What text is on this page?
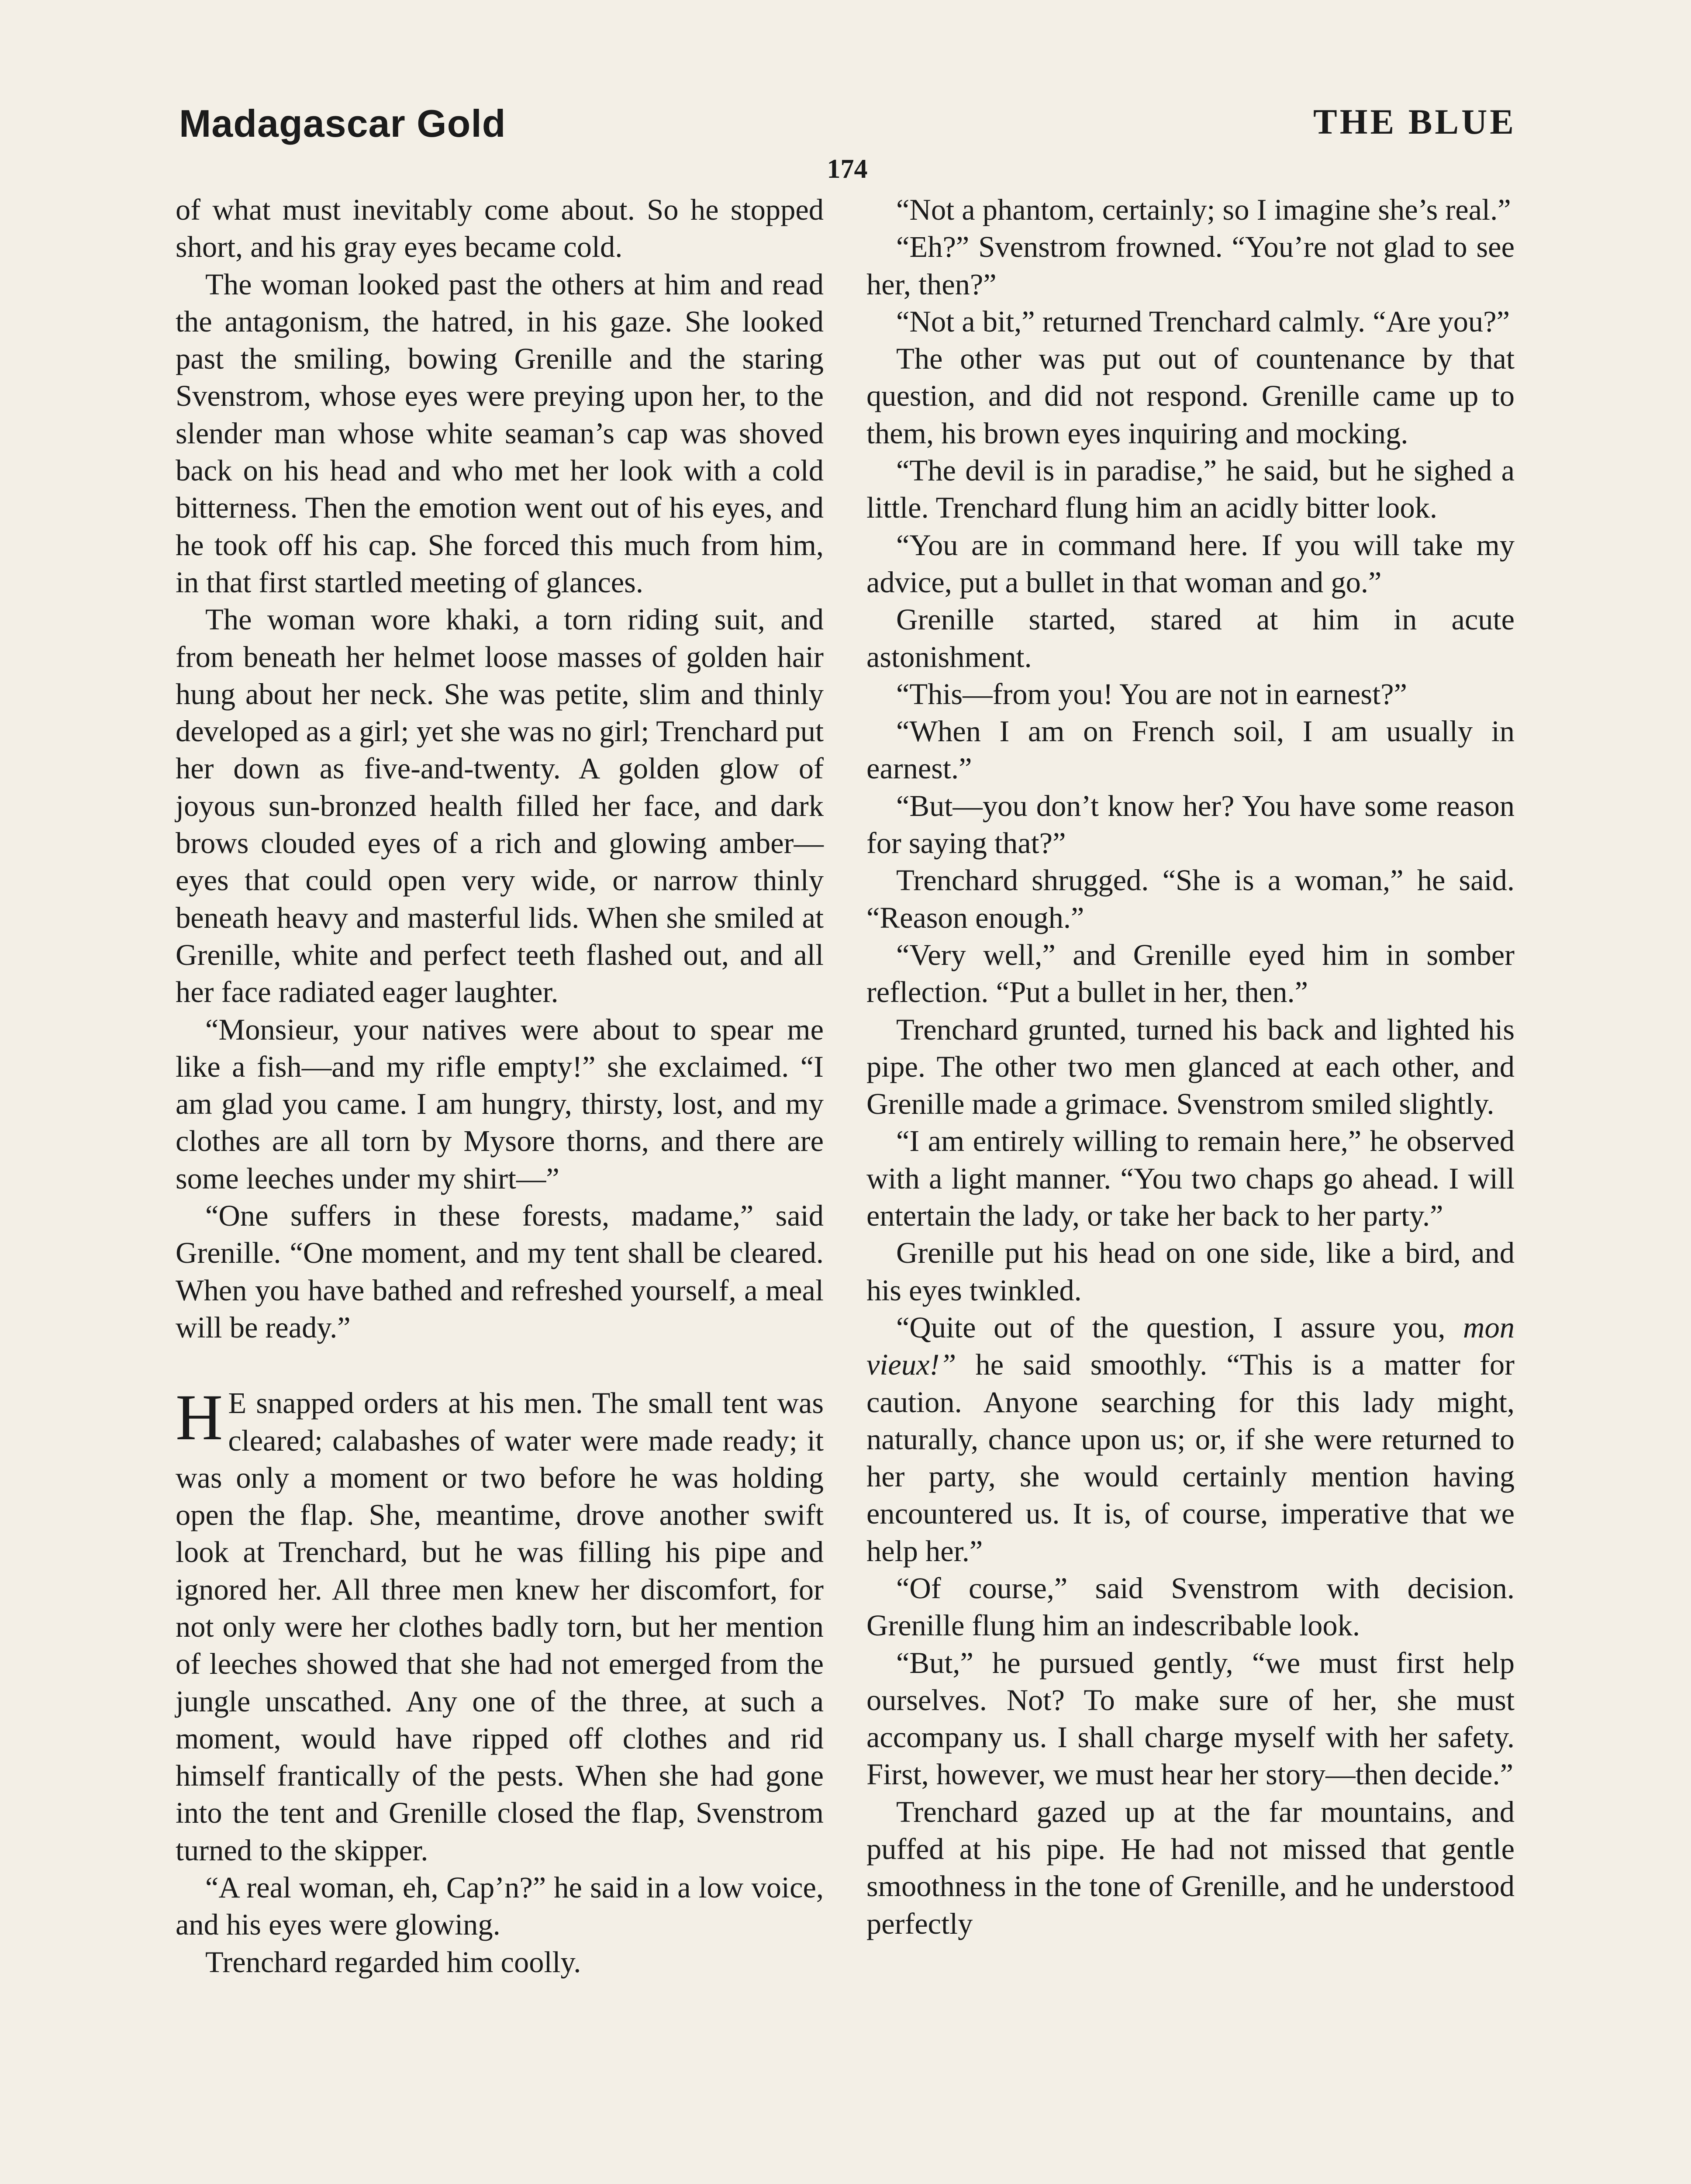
Madagascar Gold	THE BLUE
174

of what must inevitably come about. So he stopped short, and his gray eyes became cold.

The woman looked past the others at him and read the antagonism, the hatred, in his gaze. She looked past the smiling, bowing Grenille and the staring Svenstrom, whose eyes were preying upon her, to the slender man whose white seaman’s cap was shoved back on his head and who met her look with a cold bitterness. Then the emotion went out of his eyes, and he took off his cap. She forced this much from him, in that first startled meeting of glances.

The woman wore khaki, a torn riding suit, and from beneath her helmet loose masses of golden hair hung about her neck. She was petite, slim and thinly developed as a girl; yet she was no girl; Trenchard put her down as five-and-twenty. A golden glow of joyous sun-bronzed health filled her face, and dark brows clouded eyes of a rich and glowing amber—eyes that could open very wide, or narrow thinly beneath heavy and masterful lids. When she smiled at Grenille, white and perfect teeth flashed out, and all her face radiated eager laughter.

“Monsieur, your natives were about to spear me like a fish—and my rifle empty!” she exclaimed. “I am glad you came. I am hungry, thirsty, lost, and my clothes are all torn by Mysore thorns, and there are some leeches under my shirt—”

“One suffers in these forests, madame,” said Grenille. “One moment, and my tent shall be cleared. When you have bathed and refreshed yourself, a meal will be ready.”

H E snapped orders at his men. The small tent was cleared; calabashes of water were made ready; it was only a moment or two before he was holding open the flap. She, meantime, drove another swift look at Trenchard, but he was filling his pipe and ignored her. All three men knew her discomfort, for not only were her clothes badly torn, but her mention of leeches showed that she had not emerged from the jungle unscathed. Any one of the three, at such a moment, would have ripped off clothes and rid himself frantically of the pests. When she had gone into the tent and Grenille closed the flap, Svenstrom turned to the skipper.

“A real woman, eh, Cap’n?” he said in a low voice, and his eyes were glowing.

Trenchard regarded him coolly.

“Not a phantom, certainly; so I imagine she’s real.”

“Eh?” Svenstrom frowned. “You’re not glad to see her, then?”

“Not a bit,” returned Trenchard calmly. “Are you?”

The other was put out of countenance by that question, and did not respond. Grenille came up to them, his brown eyes inquiring and mocking.

“The devil is in paradise,” he said, but he sighed a little. Trenchard flung him an acidly bitter look.

“You are in command here. If you will take my advice, put a bullet in that woman and go.”

Grenille started, stared at him in acute astonishment.

“This—from you! You are not in earnest?”

“When I am on French soil, I am usually in earnest.”

“But—you don’t know her? You have some reason for saying that?”

Trenchard shrugged. “She is a woman,” he said. “Reason enough.”

“Very well,” and Grenille eyed him in somber reflection. “Put a bullet in her, then.”

Trenchard grunted, turned his back and lighted his pipe. The other two men glanced at each other, and Grenille made a grimace. Svenstrom smiled slightly.

“I am entirely willing to remain here,” he observed with a light manner. “You two chaps go ahead. I will entertain the lady, or take her back to her party.”

Grenille put his head on one side, like a bird, and his eyes twinkled.

“Quite out of the question, I assure you, mon vieux!” he said smoothly. “This is a matter for caution. Anyone searching for this lady might, naturally, chance upon us; or, if she were returned to her party, she would certainly mention having encountered us. It is, of course, imperative that we help her.”

“Of course,” said Svenstrom with decision. Grenille flung him an indescribable look.

“But,” he pursued gently, “we must first help ourselves. Not? To make sure of her, she must accompany us. I shall charge myself with her safety. First, however, we must hear her story—then decide.”

Trenchard gazed up at the far mountains, and puffed at his pipe. He had not missed that gentle smoothness in the tone of Grenille, and he understood perfectly
